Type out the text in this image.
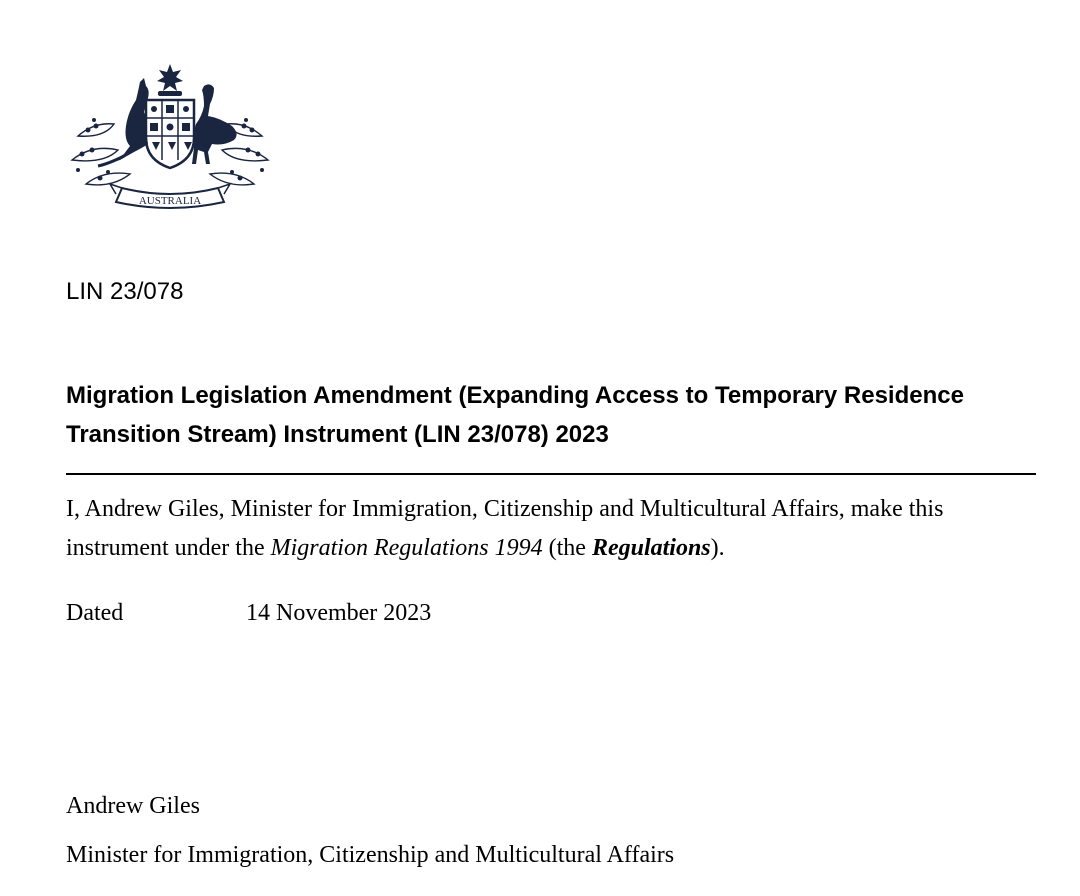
AUSTRALIA
LIN 23/078
Migration Legislation Amendment (Expanding Access to Temporary Residence Transition Stream) Instrument (LIN 23/078) 2023

I, Andrew Giles, Minister for Immigration, Citizenship and Multicultural Affairs, make this instrument under the Migration Regulations 1994 (the Regulations).

Dated	14 November 2023
Andrew Giles
Minister for Immigration, Citizenship and Multicultural Affairs
